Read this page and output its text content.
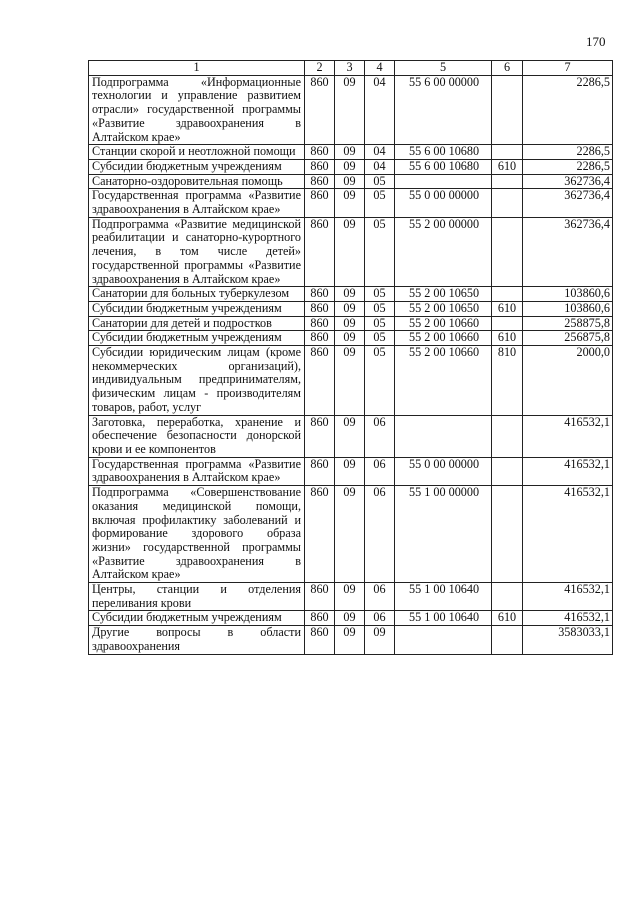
170
1	2	3	4	5	6	7
Подпрограмма «Информационные технологии и управление развитием отрасли» государственной программы «Развитие здравоохранения в Алтайском крае»	860	09	04	55 6 00 00000		2286,5
Станции скорой и неотложной помощи	860	09	04	55 6 00 10680		2286,5
Субсидии бюджетным учреждениям	860	09	04	55 6 00 10680	610	2286,5
Санаторно-оздоровительная помощь	860	09	05			362736,4
Государственная программа «Развитие здравоохранения в Алтайском крае»	860	09	05	55 0 00 00000		362736,4
Подпрограмма «Развитие медицинской реабилитации и санаторно-курортного лечения, в том числе детей» государственной программы «Развитие здравоохранения в Алтайском крае»	860	09	05	55 2 00 00000		362736,4
Санатории для больных туберкулезом	860	09	05	55 2 00 10650		103860,6
Субсидии бюджетным учреждениям	860	09	05	55 2 00 10650	610	103860,6
Санатории для детей и подростков	860	09	05	55 2 00 10660		258875,8
Субсидии бюджетным учреждениям	860	09	05	55 2 00 10660	610	256875,8
Субсидии юридическим лицам (кроме некоммерческих организаций), индивидуальным предпринимателям, физическим лицам - производителям товаров, работ, услуг	860	09	05	55 2 00 10660	810	2000,0
Заготовка, переработка, хранение и обеспечение безопасности донорской крови и ее компонентов	860	09	06			416532,1
Государственная программа «Развитие здравоохранения в Алтайском крае»	860	09	06	55 0 00 00000		416532,1
Подпрограмма «Совершенствование оказания медицинской помощи, включая профилактику заболеваний и формирование здорового образа жизни» государственной программы «Развитие здравоохранения в Алтайском крае»	860	09	06	55 1 00 00000		416532,1
Центры, станции и отделения переливания крови	860	09	06	55 1 00 10640		416532,1
Субсидии бюджетным учреждениям	860	09	06	55 1 00 10640	610	416532,1
Другие вопросы в области здравоохранения	860	09	09			3583033,1
